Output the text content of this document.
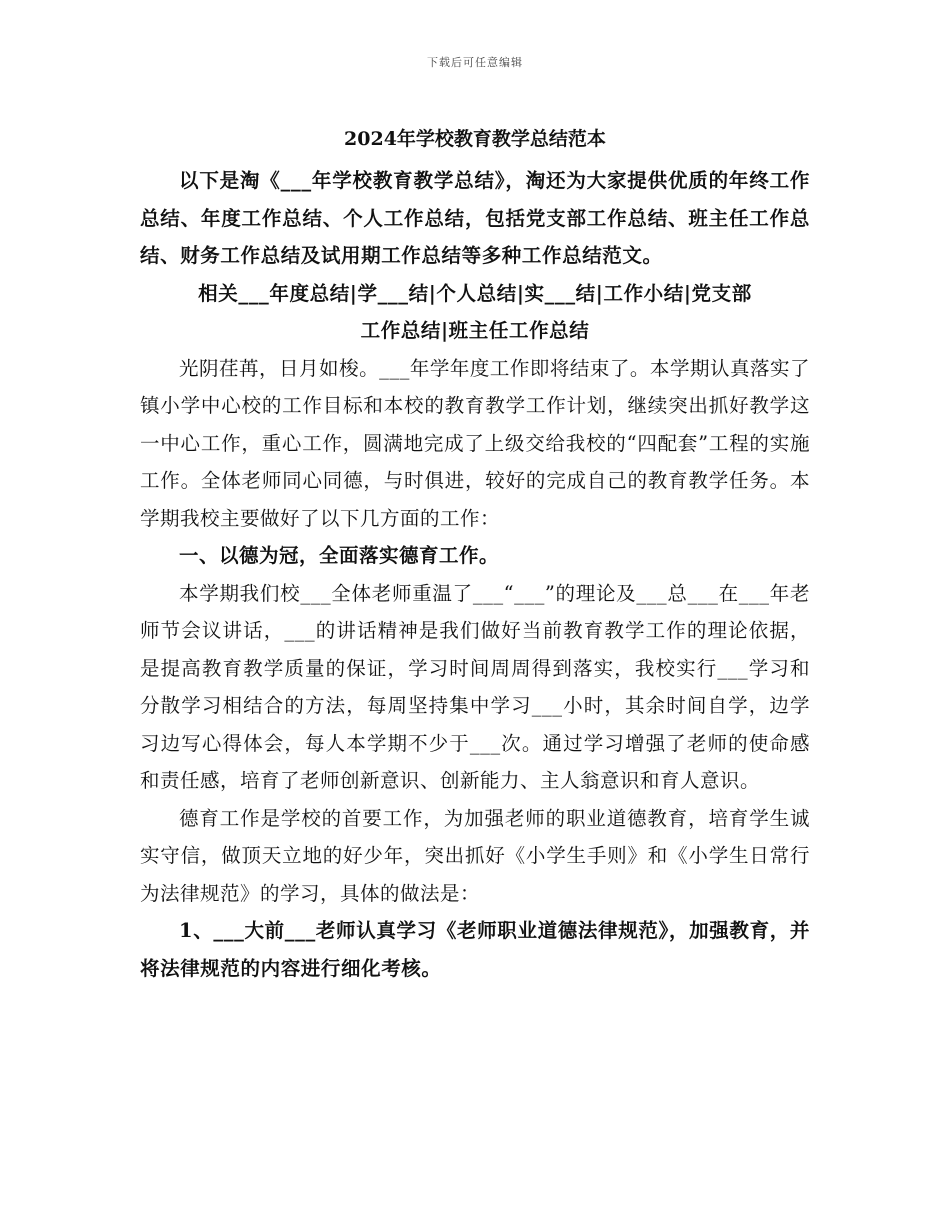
下载后可任意编辑
2024年学校教育教学总结范本

以下是淘《___年学校教育教学总结》，淘还为大家提供优质的年终工作总结、年度工作总结、个人工作总结，包括党支部工作总结、班主任工作总结、财务工作总结及试用期工作总结等多种工作总结范文。

相关___年度总结|学___结|个人总结|实___结|工作小结|党支部

工作总结|班主任工作总结

光阴荏苒，日月如梭。___年学年度工作即将结束了。本学期认真落实了镇小学中心校的工作目标和本校的教育教学工作计划，继续突出抓好教学这一中心工作，重心工作，圆满地完成了上级交给我校的“四配套”工程的实施工作。全体老师同心同德，与时俱进，较好的完成自己的教育教学任务。本学期我校主要做好了以下几方面的工作：

一、以德为冠，全面落实德育工作。

本学期我们校___全体老师重温了___“___”的理论及___总___在___年老师节会议讲话，___的讲话精神是我们做好当前教育教学工作的理论依据，是提高教育教学质量的保证，学习时间周周得到落实，我校实行___学习和分散学习相结合的方法，每周坚持集中学习___小时，其余时间自学，边学习边写心得体会，每人本学期不少于___次。通过学习增强了老师的使命感和责任感，培育了老师创新意识、创新能力、主人翁意识和育人意识。

德育工作是学校的首要工作，为加强老师的职业道德教育，培育学生诚实守信，做顶天立地的好少年，突出抓好《小学生手则》和《小学生日常行为法律规范》的学习，具体的做法是：

1、___大前___老师认真学习《老师职业道德法律规范》，加强教育，并将法律规范的内容进行细化考核。
